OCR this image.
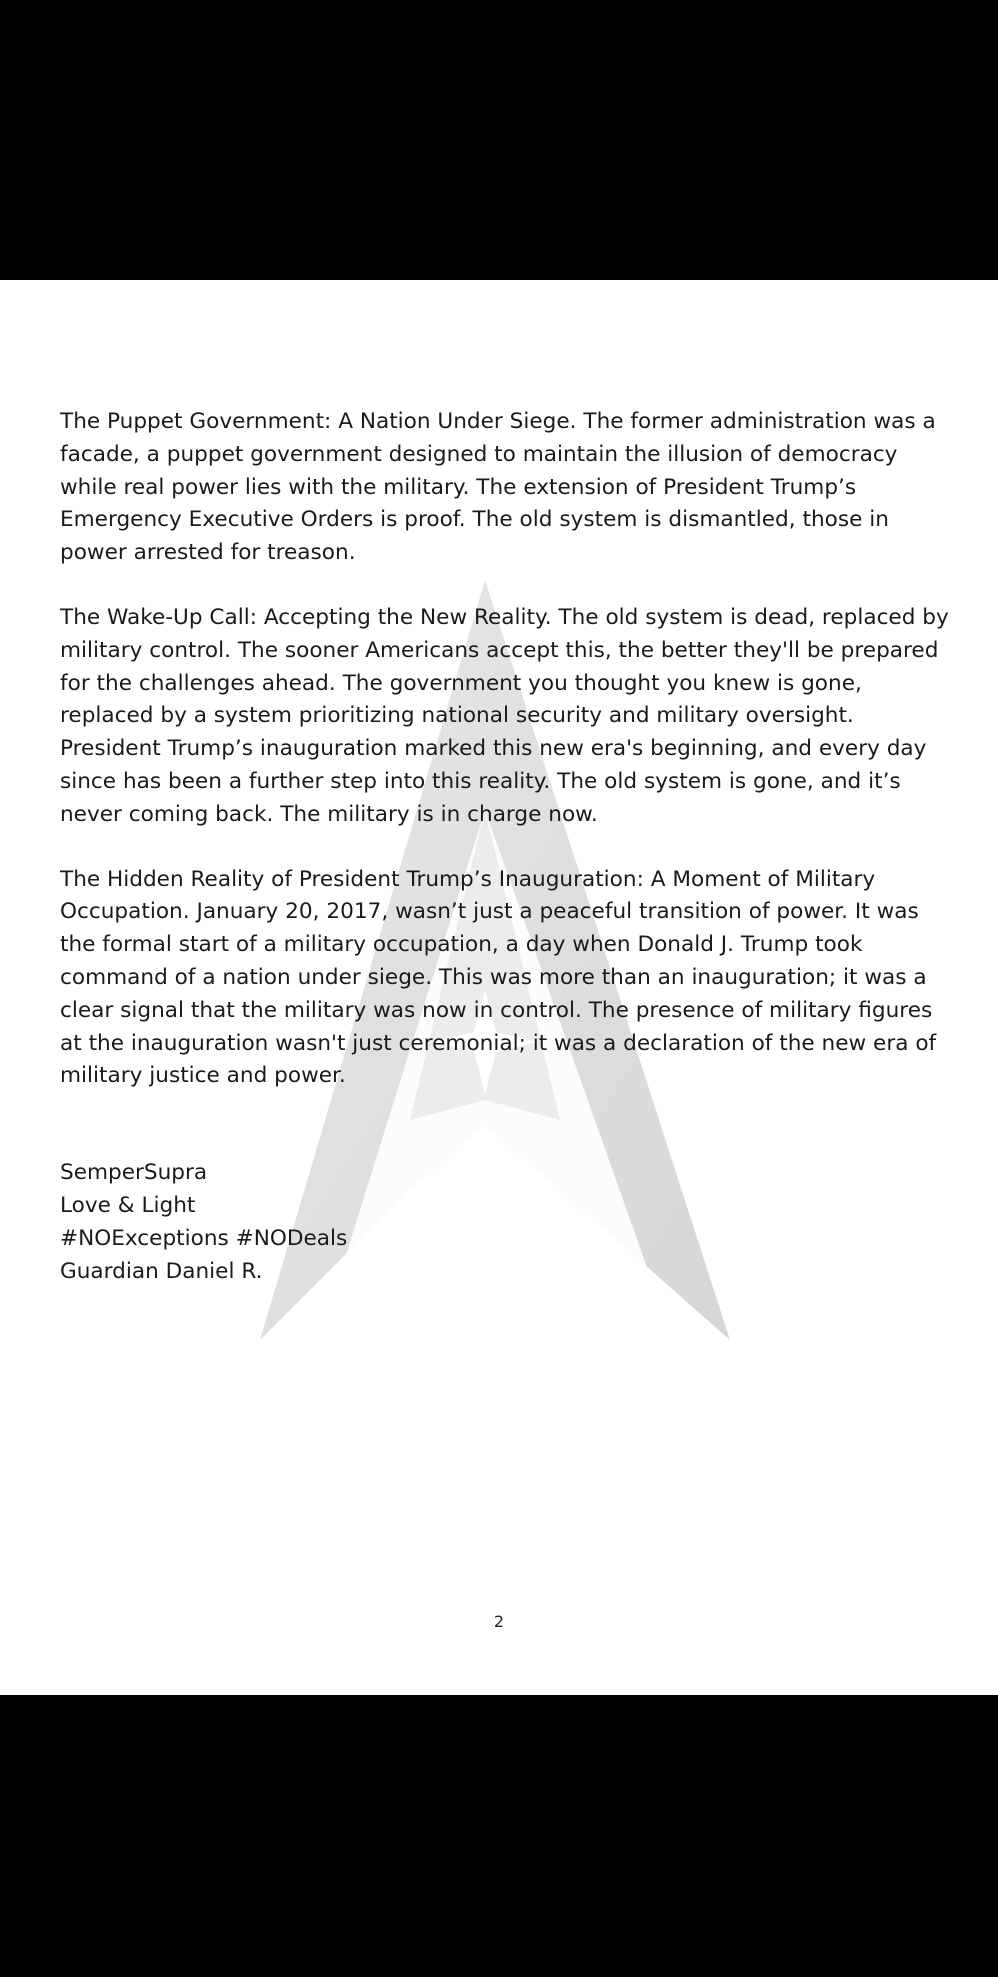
The Puppet Government: A Nation Under Siege. The former administration was a facade, a puppet government designed to maintain the illusion of democracy while real power lies with the military. The extension of President Trump’s Emergency Executive Orders is proof. The old system is dismantled, those in power arrested for treason.

The Wake-Up Call: Accepting the New Reality. The old system is dead, replaced by military control. The sooner Americans accept this, the better they'll be prepared for the challenges ahead. The government you thought you knew is gone, replaced by a system prioritizing national security and military oversight. President Trump’s inauguration marked this new era's beginning, and every day since has been a further step into this reality. The old system is gone, and it’s never coming back. The military is in charge now.

The Hidden Reality of President Trump’s Inauguration: A Moment of Military Occupation. January 20, 2017, wasn’t just a peaceful transition of power. It was the formal start of a military occupation, a day when Donald J. Trump took command of a nation under siege. This was more than an inauguration; it was a clear signal that the military was now in control. The presence of military figures at the inauguration wasn't just ceremonial; it was a declaration of the new era of military justice and power.

SemperSupra

Love & Light

#NOExceptions #NODeals

Guardian Daniel R.

2
